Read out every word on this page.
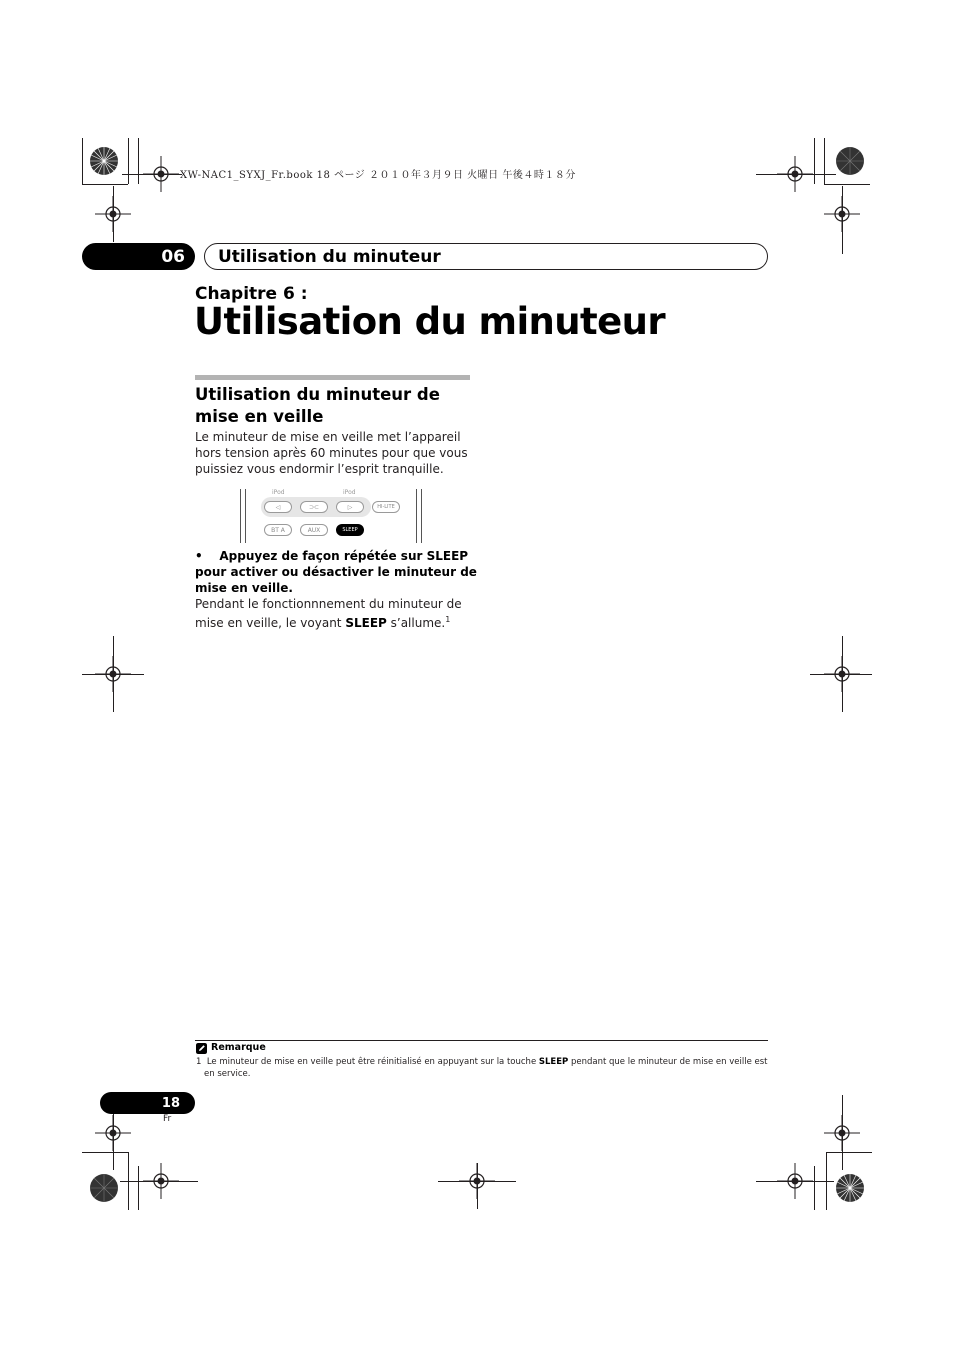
XW-NAC1_SYXJ_Fr.book 18 ページ ２０１０年３月９日 火曜日 午後４時１８分
06 Utilisation du minuteur
Chapitre 6 :
Utilisation du minuteur
Utilisation du minuteur de mise en veille
Le minuteur de mise en veille met l’appareil hors tension après 60 minutes pour que vous puissiez vous endormir l’esprit tranquille.
iPod	iPod
◁	⊃⊂	▷	HI-LITE
BT A	AUX	SLEEP
• Appuyez de façon répétée sur SLEEP pour activer ou désactiver le minuteur de mise en veille.
Pendant le fonctionnnement du minuteur de mise en veille, le voyant SLEEP s’allume.$^1$
Remarque
1 Le minuteur de mise en veille peut être réinitialisé en appuyant sur la touche SLEEP pendant que le minuteur de mise en veille est en service.
18
Fr
